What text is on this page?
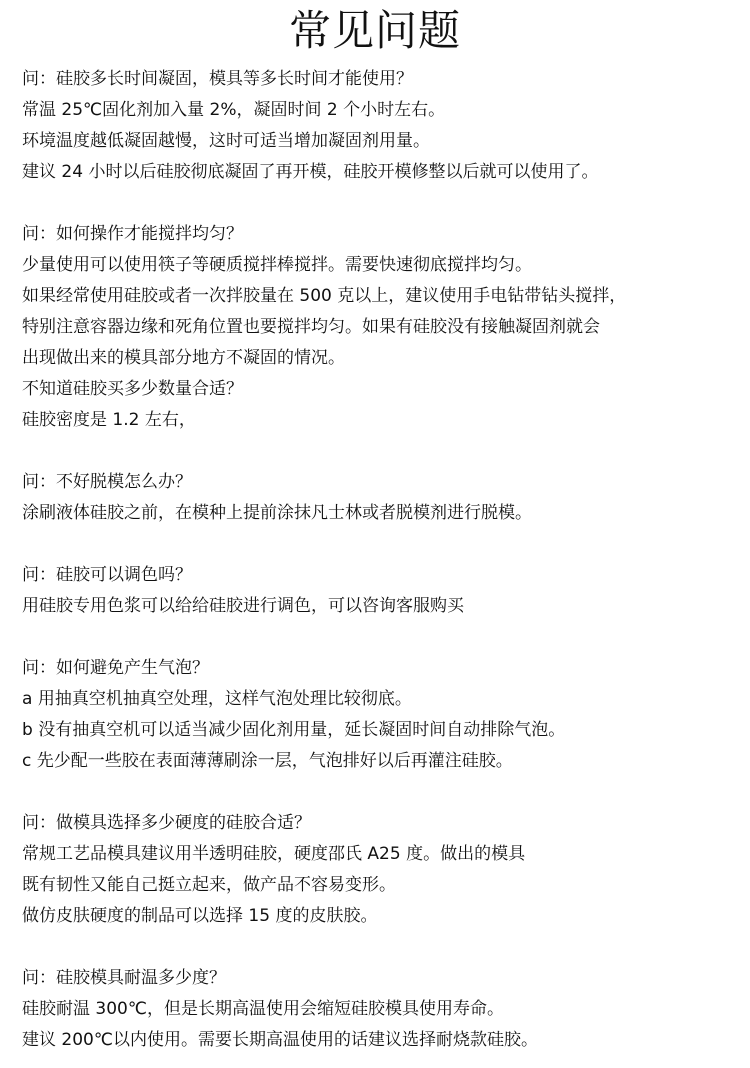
常见问题
问：硅胶多长时间凝固，模具等多长时间才能使用？
常温 25℃固化剂加入量 2%，凝固时间 2 个小时左右。
环境温度越低凝固越慢，这时可适当增加凝固剂用量。
建议 24 小时以后硅胶彻底凝固了再开模，硅胶开模修整以后就可以使用了。
问：如何操作才能搅拌均匀？
少量使用可以使用筷子等硬质搅拌棒搅拌。需要快速彻底搅拌均匀。
如果经常使用硅胶或者一次拌胶量在 500 克以上，建议使用手电钻带钻头搅拌，
特别注意容器边缘和死角位置也要搅拌均匀。如果有硅胶没有接触凝固剂就会
出现做出来的模具部分地方不凝固的情况。
不知道硅胶买多少数量合适？
硅胶密度是 1.2 左右，
问：不好脱模怎么办？
涂刷液体硅胶之前，在模种上提前涂抹凡士林或者脱模剂进行脱模。
问：硅胶可以调色吗？
用硅胶专用色浆可以给给硅胶进行调色，可以咨询客服购买
问：如何避免产生气泡？
a 用抽真空机抽真空处理，这样气泡处理比较彻底。
b 没有抽真空机可以适当减少固化剂用量，延长凝固时间自动排除气泡。
c 先少配一些胶在表面薄薄刷涂一层，气泡排好以后再灌注硅胶。
问：做模具选择多少硬度的硅胶合适？
常规工艺品模具建议用半透明硅胶，硬度邵氏 A25 度。做出的模具
既有韧性又能自己挺立起来，做产品不容易变形。
做仿皮肤硬度的制品可以选择 15 度的皮肤胶。
问：硅胶模具耐温多少度？
硅胶耐温 300℃，但是长期高温使用会缩短硅胶模具使用寿命。
建议 200℃以内使用。需要长期高温使用的话建议选择耐烧款硅胶。
